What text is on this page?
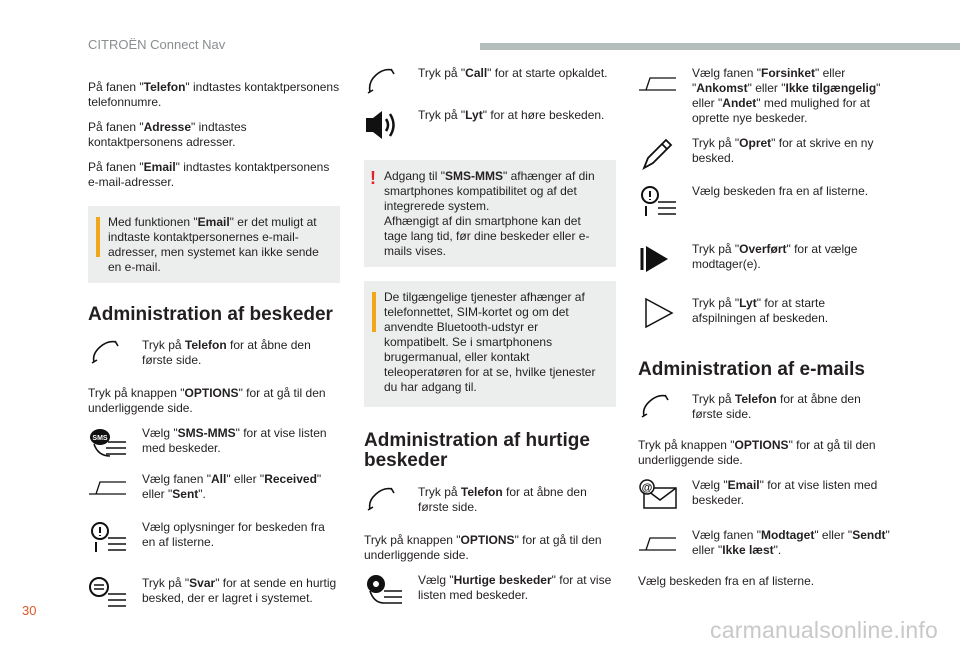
CITROËN Connect Nav

På fanen "Telefon" indtastes kontaktpersonens telefonnumre.

På fanen "Adresse" indtastes kontaktpersonens adresser.

På fanen "Email" indtastes kontaktpersonens e-mail-adresser.

Med funktionen "Email" er det muligt at indtaste kontaktpersonernes e-mail-adresser, men systemet kan ikke sende en e-mail.
Administration af beskeder
Tryk på Telefon for at åbne den første side.

Tryk på knappen "OPTIONS" for at gå til den underliggende side.

SMS	Vælg "SMS-MMS" for at vise listen med beskeder.
Vælg fanen "All" eller "Received" eller "Sent".
Vælg oplysninger for beskeden fra en af listerne.
Tryk på "Svar" for at sende en hurtig besked, der er lagret i systemet.
Tryk på "Call" for at starte opkaldet.
Tryk på "Lyt" for at høre beskeden.
! Adgang til "SMS-MMS" afhænger af din smartphones kompatibilitet og af det integrerede system.
Afhængigt af din smartphone kan det tage lang tid, før dine beskeder eller e-mails vises.
De tilgængelige tjenester afhænger af telefonnettet, SIM-kortet og om det anvendte Bluetooth-udstyr er kompatibelt. Se i smartphonens brugermanual, eller kontakt teleoperatøren for at se, hvilke tjenester du har adgang til.
Administration af hurtige beskeder
Tryk på Telefon for at åbne den første side.

Tryk på knappen "OPTIONS" for at gå til den underliggende side.

Vælg "Hurtige beskeder" for at vise listen med beskeder.
Vælg fanen "Forsinket" eller "Ankomst" eller "Ikke tilgængelig" eller "Andet" med mulighed for at oprette nye beskeder.
Tryk på "Opret" for at skrive en ny besked.
Vælg beskeden fra en af listerne.
Tryk på "Overført" for at vælge modtager(e).
Tryk på "Lyt" for at starte afspilningen af beskeden.
Administration af e-mails
Tryk på Telefon for at åbne den første side.

Tryk på knappen "OPTIONS" for at gå til den underliggende side.

@	Vælg "Email" for at vise listen med beskeder.
Vælg fanen "Modtaget" eller "Sendt" eller "Ikke læst".

Vælg beskeden fra en af listerne.

30
carmanualsonline.info
